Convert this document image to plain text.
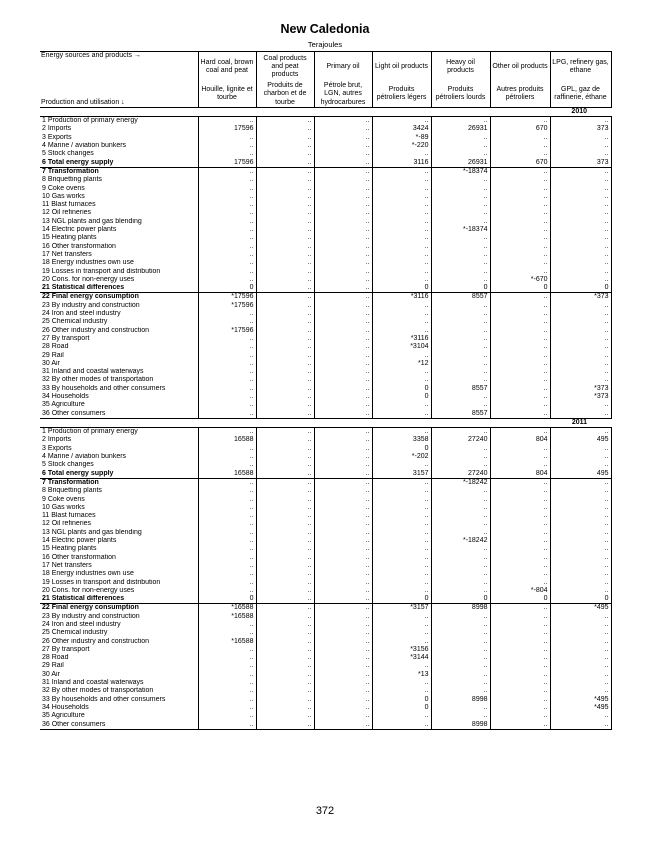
New Caledonia
Terajoules
Energy sources and products →	Hard coal, brown coal and peat	Coal products and peat products	Primary oil	Light oil products	Heavy oil products	Other oil products	LPG, refinery gas, ethane
Production and utilisation ↓	Houille, lignite et tourbe	Produits de charbon et de tourbe	Pétrole brut, LGN, autres hydrocarbures	Produits pétroliers légers	Produits pétroliers lourds	Autres produits pétroliers	GPL, gaz de raffinerie, éthane
2010							
1 Production of primary energy	..	..	..	..	..	..	..
2 Imports	17596	..	..	3424	26931	670	373
3 Exports	..	..	..	*-89	..	..	..
4 Marine / aviation bunkers	..	..	..	*-220	..	..	..
5 Stock changes	..	..	..	..	..	..	..
6 Total energy supply	17596	..	..	3116	26931	670	373
7 Transformation	..	..	..	..	*-18374	..	..
8 Briquetting plants	..	..	..	..	..	..	..
9 Coke ovens	..	..	..	..	..	..	..
10 Gas works	..	..	..	..	..	..	..
11 Blast furnaces	..	..	..	..	..	..	..
12 Oil refineries	..	..	..	..	..	..	..
13 NGL plants and gas blending	..	..	..	..	..	..	..
14 Electric power plants	..	..	..	..	*-18374	..	..
15 Heating plants	..	..	..	..	..	..	..
16 Other transformation	..	..	..	..	..	..	..
17 Net transfers	..	..	..	..	..	..	..
18 Energy industries own use	..	..	..	..	..	..	..
19 Losses in transport and distribution	..	..	..	..	..	..	..
20 Cons. for non-energy uses	..	..	..	..	..	*-670	..
21 Statistical differences	0	..	..	0	0	0	0
22 Final energy consumption	*17596	..	..	*3116	8557	..	*373
23 By industry and construction	*17596	..	..	..	..	..	..
24 Iron and steel industry	..	..	..	..	..	..	..
25 Chemical industry	..	..	..	..	..	..	..
26 Other industry and construction	*17596	..	..	..	..	..	..
27 By transport	..	..	..	*3116	..	..	..
28 Road	..	..	..	*3104	..	..	..
29 Rail	..	..	..	..	..	..	..
30 Air	..	..	..	*12	..	..	..
31 Inland and coastal waterways	..	..	..	..	..	..	..
32 By other modes of transportation	..	..	..	..	..	..	..
33 By households and other consumers	..	..	..	0	8557	..	*373
34 Households	..	..	..	0	..	..	*373
35 Agriculture	..	..	..	..	..	..	..
36 Other consumers	..	..	..	..	8557	..	..
2011							
1 Production of primary energy	..	..	..	..	..	..	..
2 Imports	16588	..	..	3358	27240	804	495
3 Exports	..	..	..	0	..	..	..
4 Marine / aviation bunkers	..	..	..	*-202	..	..	..
5 Stock changes	..	..	..	..	..	..	..
6 Total energy supply	16588	..	..	3157	27240	804	495
7 Transformation	..	..	..	..	*-18242	..	..
8 Briquetting plants	..	..	..	..	..	..	..
9 Coke ovens	..	..	..	..	..	..	..
10 Gas works	..	..	..	..	..	..	..
11 Blast furnaces	..	..	..	..	..	..	..
12 Oil refineries	..	..	..	..	..	..	..
13 NGL plants and gas blending	..	..	..	..	..	..	..
14 Electric power plants	..	..	..	..	*-18242	..	..
15 Heating plants	..	..	..	..	..	..	..
16 Other transformation	..	..	..	..	..	..	..
17 Net transfers	..	..	..	..	..	..	..
18 Energy industries own use	..	..	..	..	..	..	..
19 Losses in transport and distribution	..	..	..	..	..	..	..
20 Cons. for non-energy uses	..	..	..	..	..	*-804	..
21 Statistical differences	0	..	..	0	0	0	0
22 Final energy consumption	*16588	..	..	*3157	8998	..	*495
23 By industry and construction	*16588	..	..	..	..	..	..
24 Iron and steel industry	..	..	..	..	..	..	..
25 Chemical industry	..	..	..	..	..	..	..
26 Other industry and construction	*16588	..	..	..	..	..	..
27 By transport	..	..	..	*3156	..	..	..
28 Road	..	..	..	*3144	..	..	..
29 Rail	..	..	..	..	..	..	..
30 Air	..	..	..	*13	..	..	..
31 Inland and coastal waterways	..	..	..	..	..	..	..
32 By other modes of transportation	..	..	..	..	..	..	..
33 By households and other consumers	..	..	..	0	8998	..	*495
34 Households	..	..	..	0	..	..	*495
35 Agriculture	..	..	..	..	..	..	..
36 Other consumers	..	..	..	..	8998	..	..
372
